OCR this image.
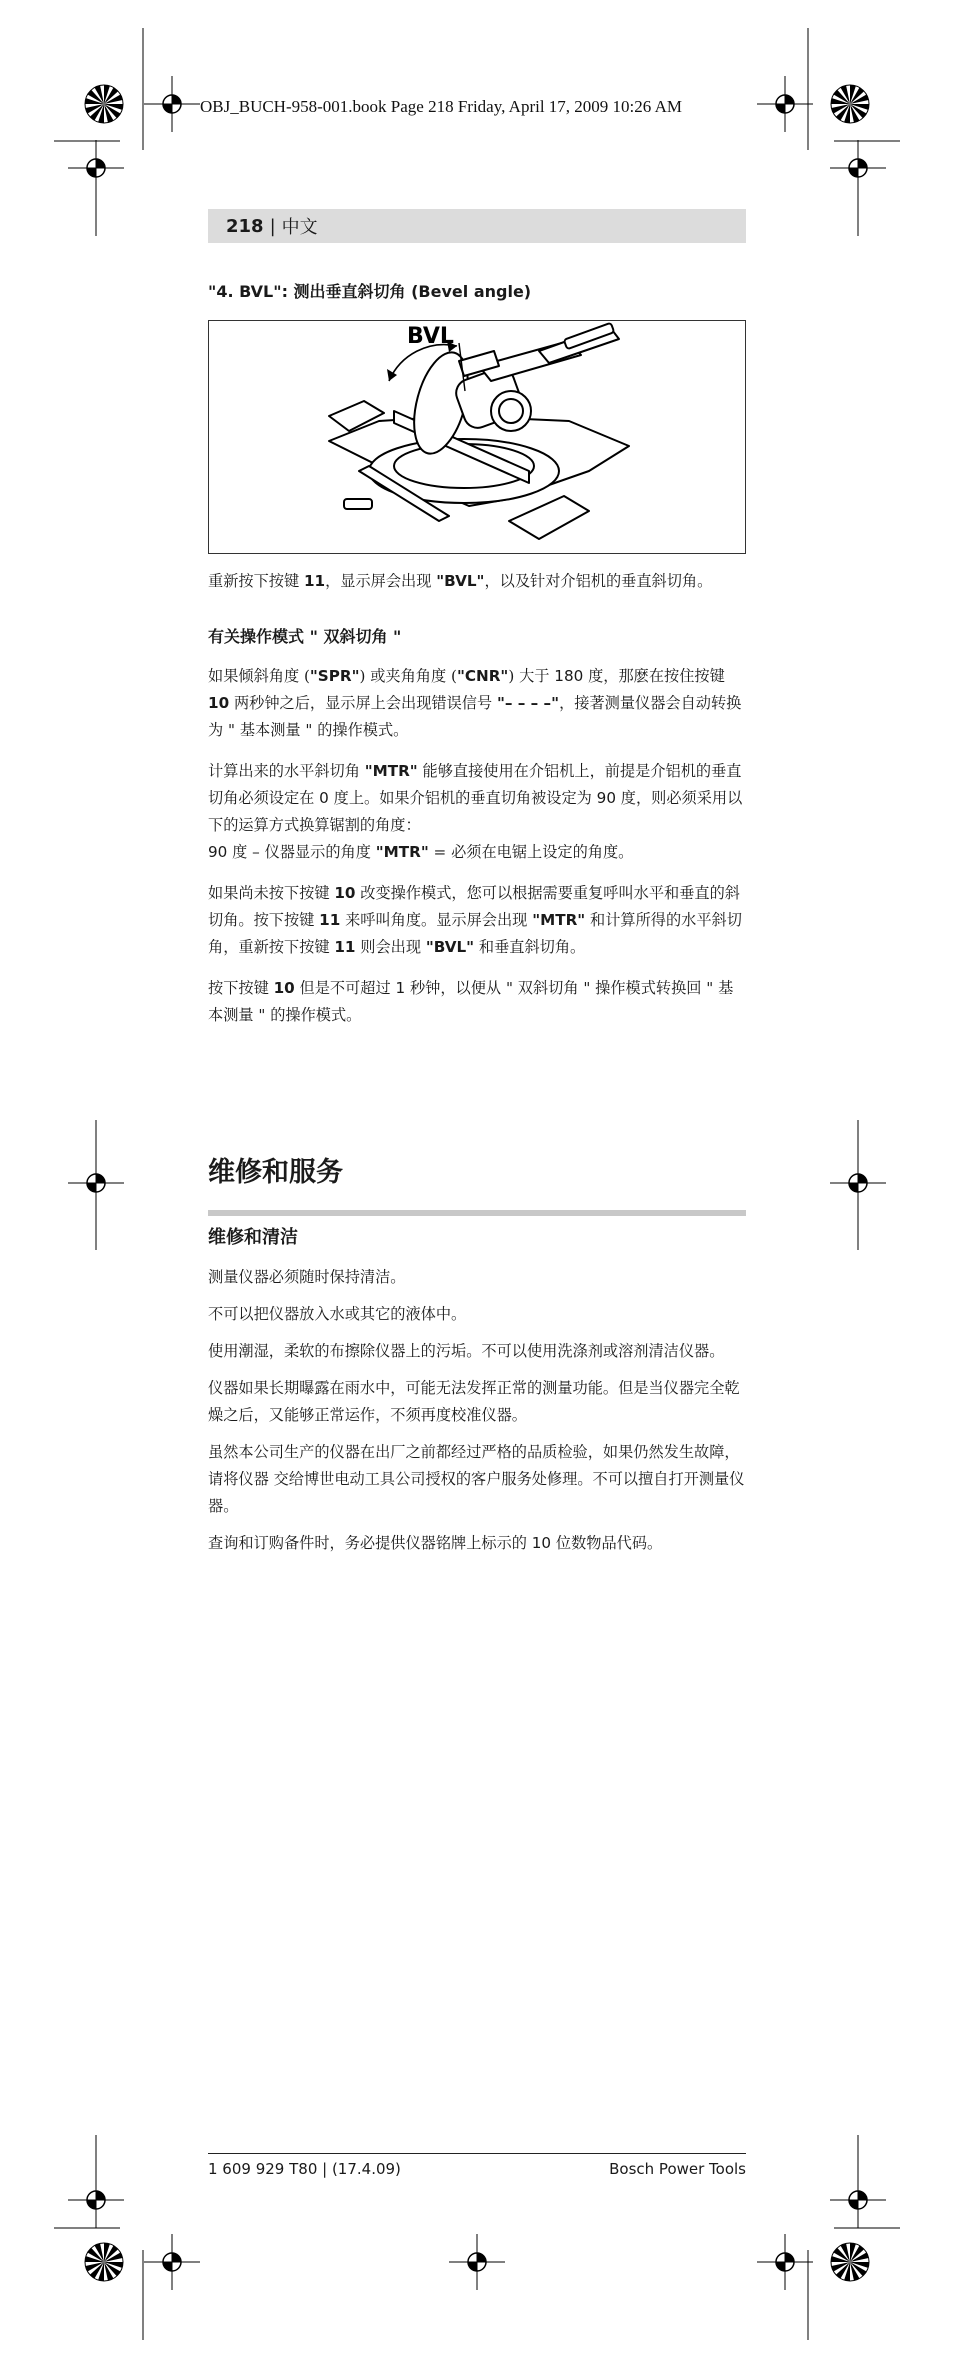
OBJ_BUCH-958-001.book Page 218 Friday, April 17, 2009 10:26 AM
218 | 中文
"4. BVL": 测出垂直斜切角 (Bevel angle)
BVL

重新按下按键 11，显示屏会出现 "BVL"，以及针对介铝机的垂直斜切角。

有关操作模式 " 双斜切角 "

如果倾斜角度 ("SPR") 或夹角角度 ("CNR") 大于 180 度，那麽在按住按键 10 两秒钟之后，显示屏上会出现错误信号 "– – – –"，接著测量仪器会自动转换为 " 基本测量 " 的操作模式。

计算出来的水平斜切角 "MTR" 能够直接使用在介铝机上，前提是介铝机的垂直切角必须设定在 0 度上。如果介铝机的垂直切角被设定为 90 度，则必须采用以下的运算方式换算锯割的角度：
90 度 – 仪器显示的角度 "MTR" = 必须在电锯上设定的角度。

如果尚未按下按键 10 改变操作模式，您可以根据需要重复呼叫水平和垂直的斜切角。按下按键 11 来呼叫角度。显示屏会出现 "MTR" 和计算所得的水平斜切角，重新按下按键 11 则会出现 "BVL" 和垂直斜切角。

按下按键 10 但是不可超过 1 秒钟，以便从 " 双斜切角 " 操作模式转换回 " 基本测量 " 的操作模式。

维修和服务
维修和清洁

测量仪器必须随时保持清洁。

不可以把仪器放入水或其它的液体中。

使用潮湿，柔软的布擦除仪器上的污垢。不可以使用洗涤剂或溶剂清洁仪器。

仪器如果长期曝露在雨水中，可能无法发挥正常的测量功能。但是当仪器完全乾燥之后，又能够正常运作，不须再度校准仪器。

虽然本公司生产的仪器在出厂之前都经过严格的品质检验，如果仍然发生故障，请将仪器 交给博世电动工具公司授权的客户服务处修理。不可以擅自打开测量仪器。

查询和订购备件时，务必提供仪器铭牌上标示的 10 位数物品代码。

1 609 929 T80 | (17.4.09)	Bosch Power Tools
